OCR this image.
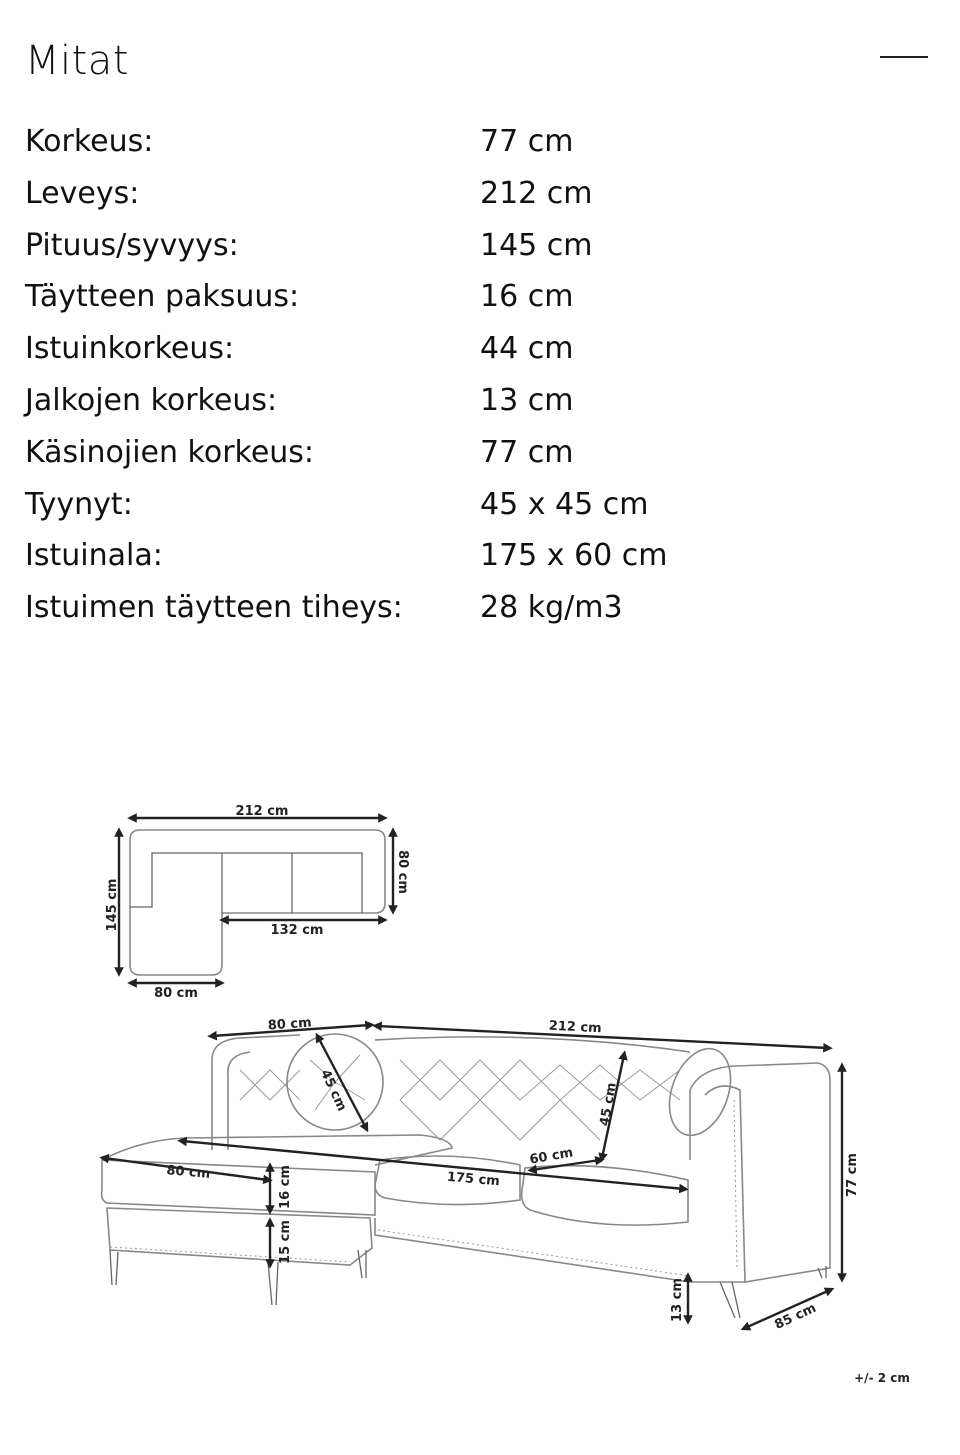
Mitat
Korkeus:	77 cm
Leveys:	212 cm
Pituus/syvyys:	145 cm
Täytteen paksuus:	16 cm
Istuinkorkeus:	44 cm
Jalkojen korkeus:	13 cm
Käsinojien korkeus:	77 cm
Tyynyt:	45 x 45 cm
Istuinala:	175 x 60 cm
Istuimen täytteen tiheys:	28 kg/m3
212 cm
145 cm
80 cm
132 cm
80 cm
80 cm	212 cm
45 cm	45 cm
60 cm
175 cm
80 cm	16 cm
15 cm
77 cm
13 cm	85 cm
+/- 2 cm
